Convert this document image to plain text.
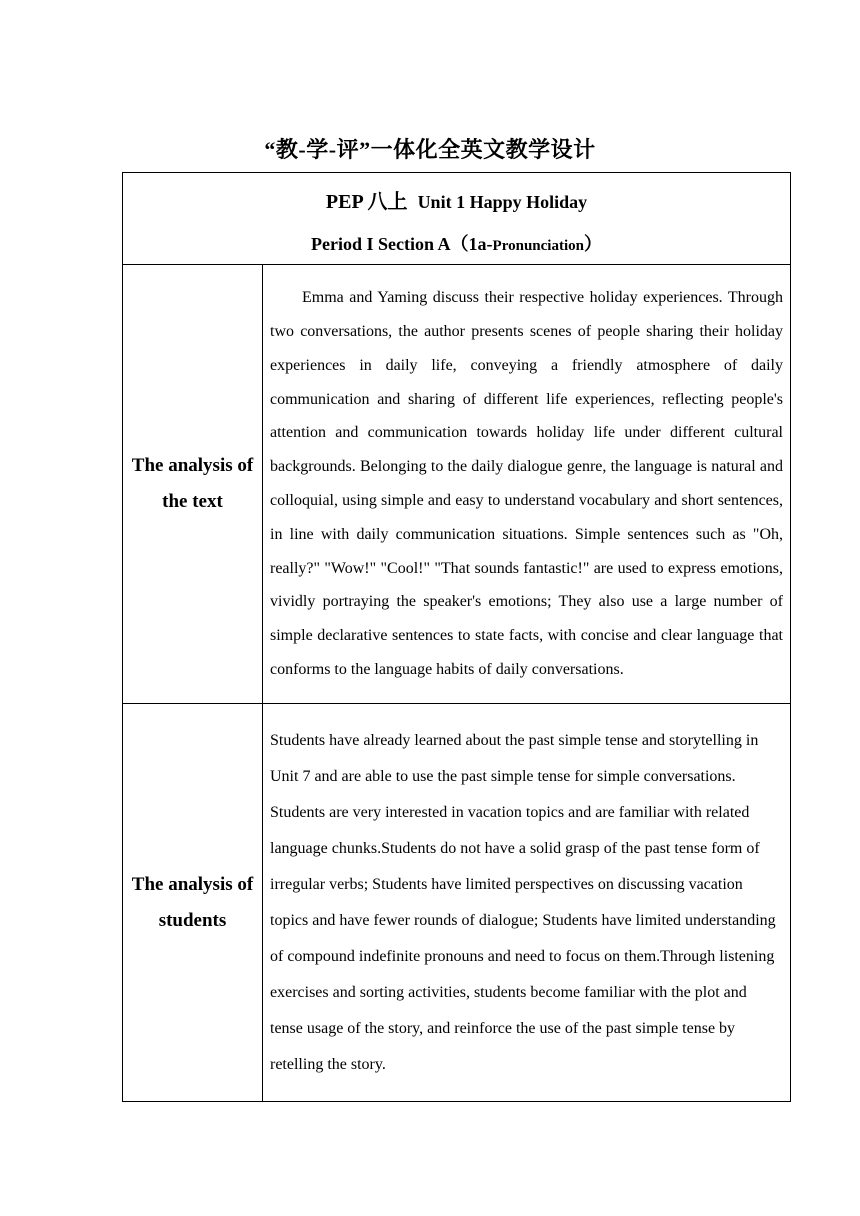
“教-学-评”一体化全英文教学设计
PEP 八上 Unit 1 Happy Holiday
Period I Section A（1a-Pronunciation）	

The analysis of the text	Emma and Yaming discuss their respective holiday experiences. Through two conversations, the author presents scenes of people sharing their holiday experiences in daily life, conveying a friendly atmosphere of daily communication and sharing of different life experiences, reflecting people's attention and communication towards holiday life under different cultural backgrounds. Belonging to the daily dialogue genre, the language is natural and colloquial, using simple and easy to understand vocabulary and short sentences, in line with daily communication situations. Simple sentences such as "Oh, really?" "Wow!" "Cool!" "That sounds fantastic!" are used to express emotions, vividly portraying the speaker's emotions; They also use a large number of simple declarative sentences to state facts, with concise and clear language that conforms to the language habits of daily conversations.

The analysis of students	Students have already learned about the past simple tense and storytelling in Unit 7 and are able to use the past simple tense for simple conversations. Students are very interested in vacation topics and are familiar with related language chunks.Students do not have a solid grasp of the past tense form of irregular verbs; Students have limited perspectives on discussing vacation topics and have fewer rounds of dialogue; Students have limited understanding of compound indefinite pronouns and need to focus on them.Through listening exercises and sorting activities, students become familiar with the plot and tense usage of the story, and reinforce the use of the past simple tense by retelling the story.
